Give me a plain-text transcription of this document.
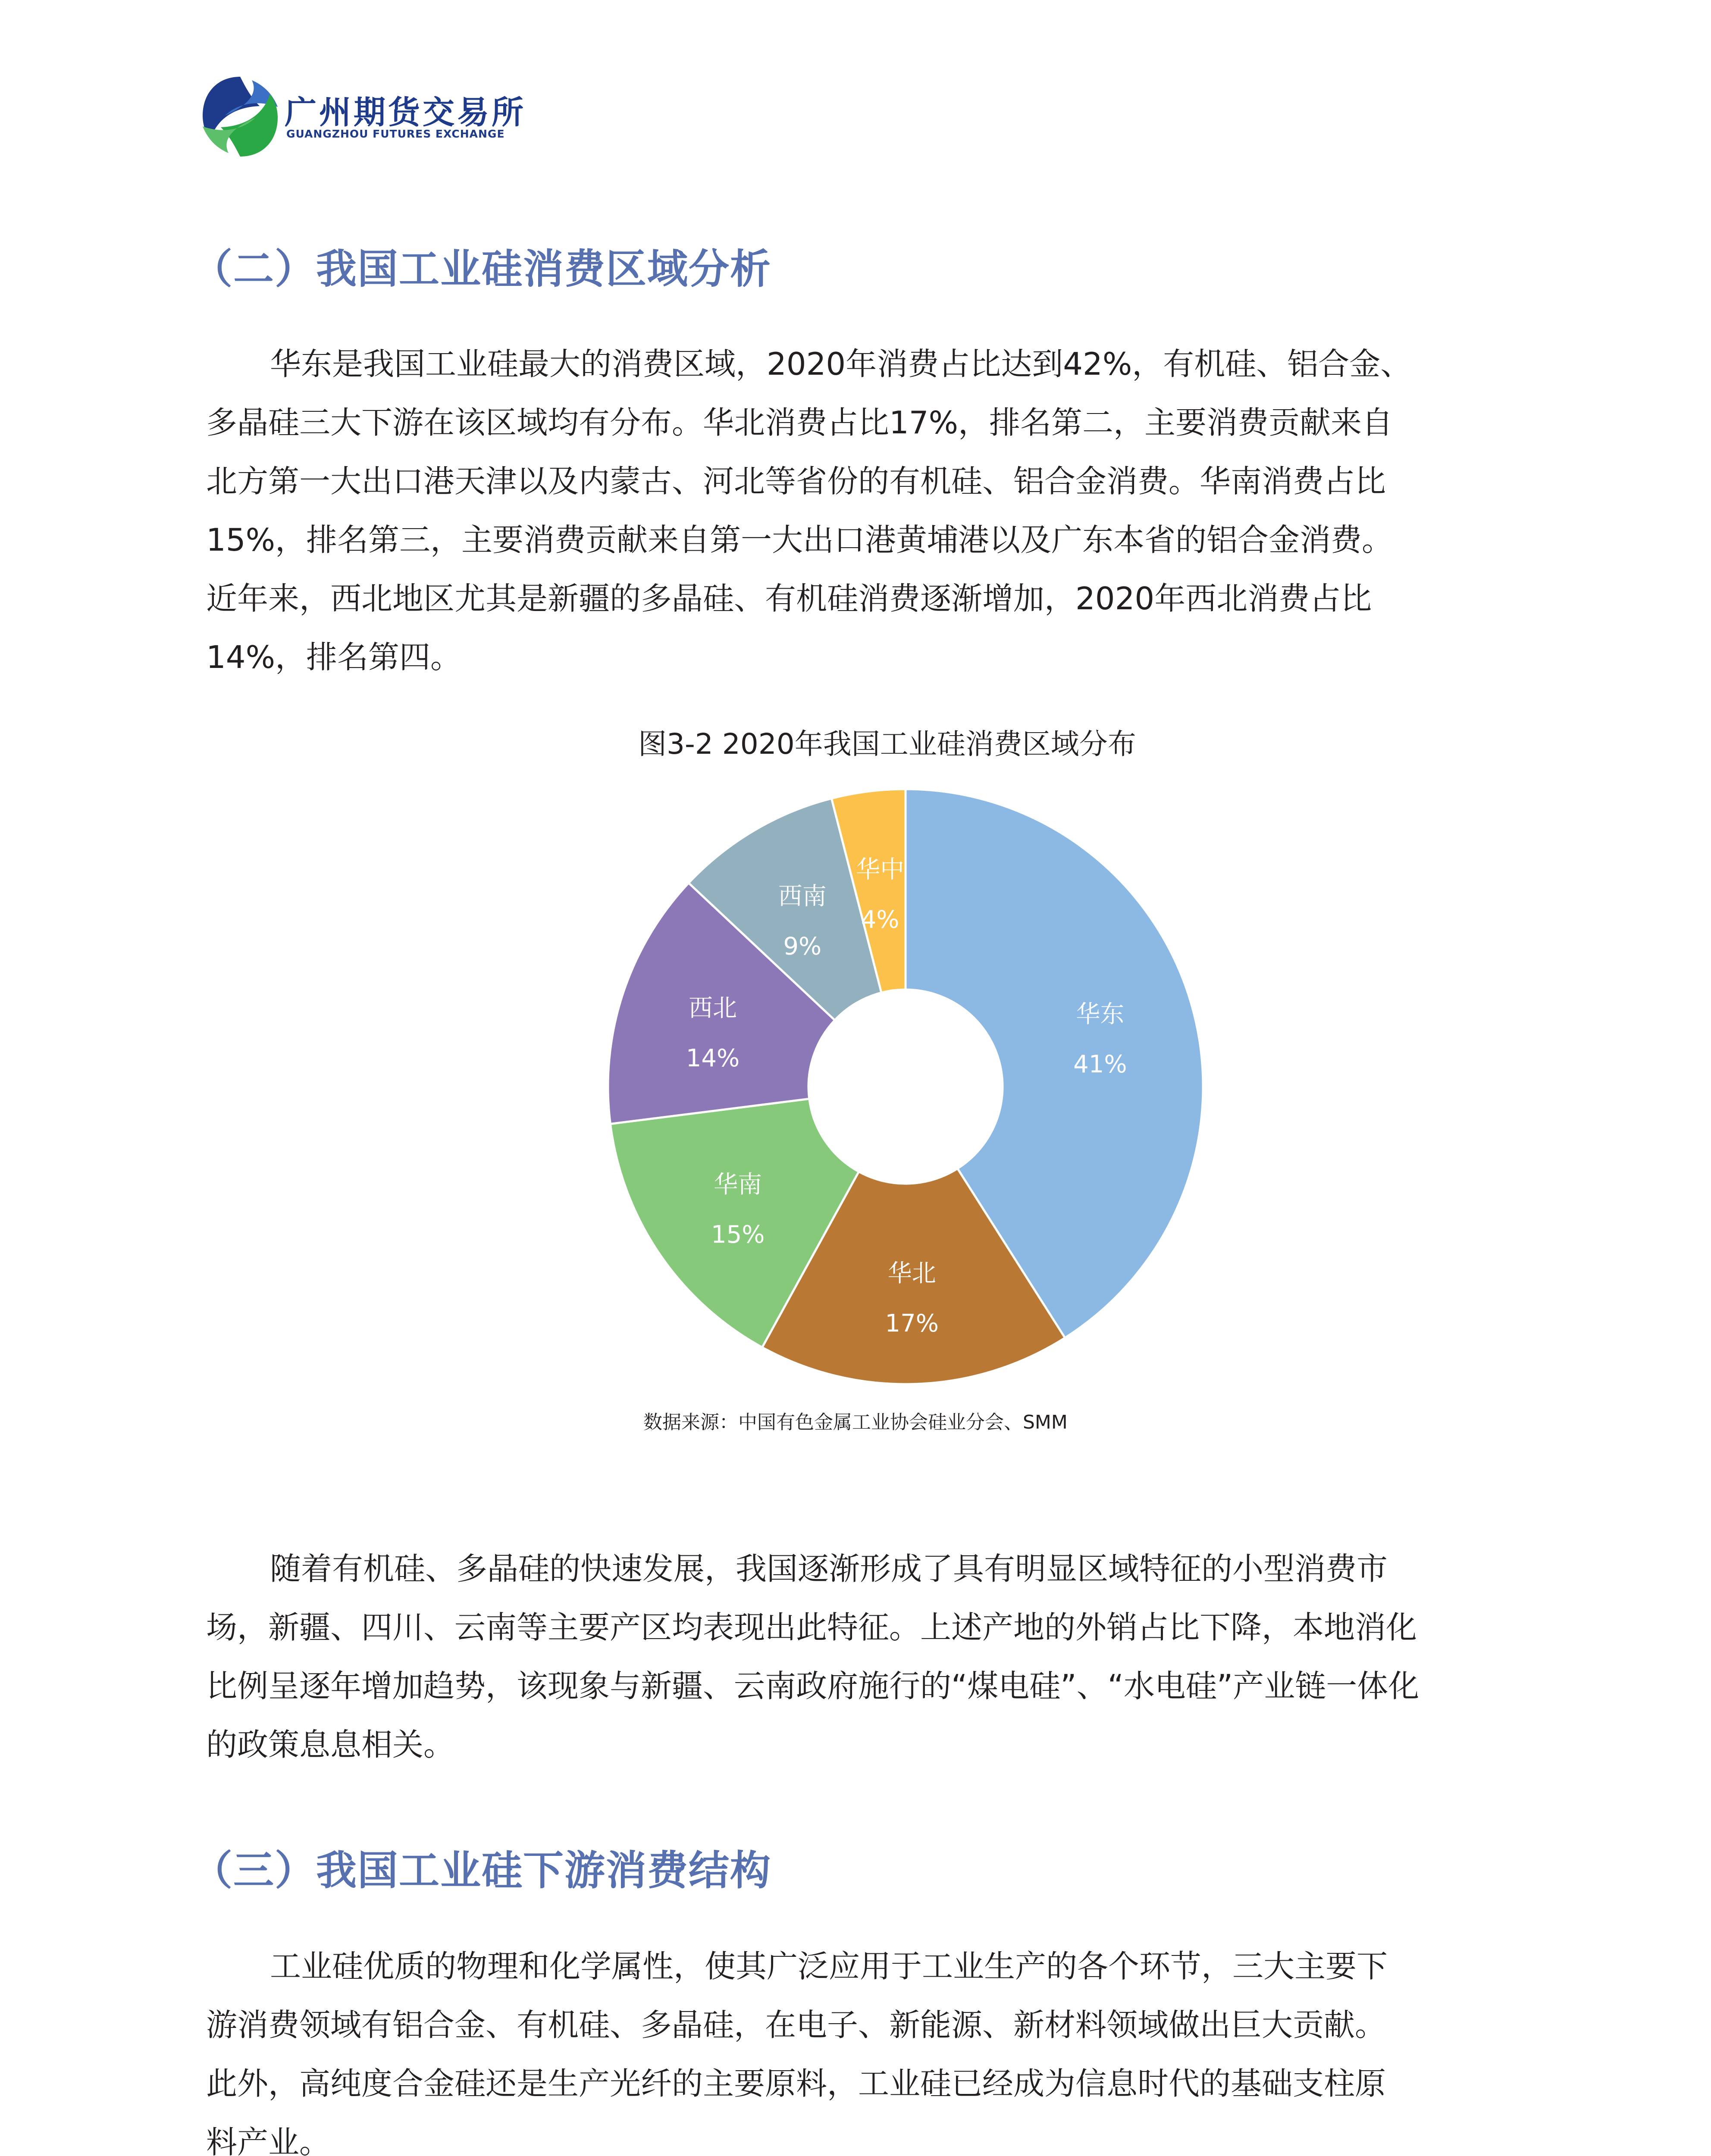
广州期货交易所
GUANGZHOU FUTURES EXCHANGE
（二）我国工业硅消费区域分析
华东是我国工业硅最大的消费区域，2020年消费占比达到42%，有机硅、铝合金、
多晶硅三大下游在该区域均有分布。华北消费占比17%，排名第二，主要消费贡献来自
北方第一大出口港天津以及内蒙古、河北等省份的有机硅、铝合金消费。华南消费占比
15%，排名第三，主要消费贡献来自第一大出口港黄埔港以及广东本省的铝合金消费。
近年来，西北地区尤其是新疆的多晶硅、有机硅消费逐渐增加，2020年西北消费占比
14%，排名第四。
图3-2 2020年我国工业硅消费区域分布
华东
41%
华北
17%
华南
15%
西北
14%
西南
9%
华中
4%
数据来源：中国有色金属工业协会硅业分会、SMM
随着有机硅、多晶硅的快速发展，我国逐渐形成了具有明显区域特征的小型消费市
场，新疆、四川、云南等主要产区均表现出此特征。上述产地的外销占比下降，本地消化
比例呈逐年增加趋势，该现象与新疆、云南政府施行的“煤电硅”、“水电硅”产业链一体化
的政策息息相关。
（三）我国工业硅下游消费结构
工业硅优质的物理和化学属性，使其广泛应用于工业生产的各个环节，三大主要下
游消费领域有铝合金、有机硅、多晶硅，在电子、新能源、新材料领域做出巨大贡献。
此外，高纯度合金硅还是生产光纤的主要原料，工业硅已经成为信息时代的基础支柱原
料产业。
